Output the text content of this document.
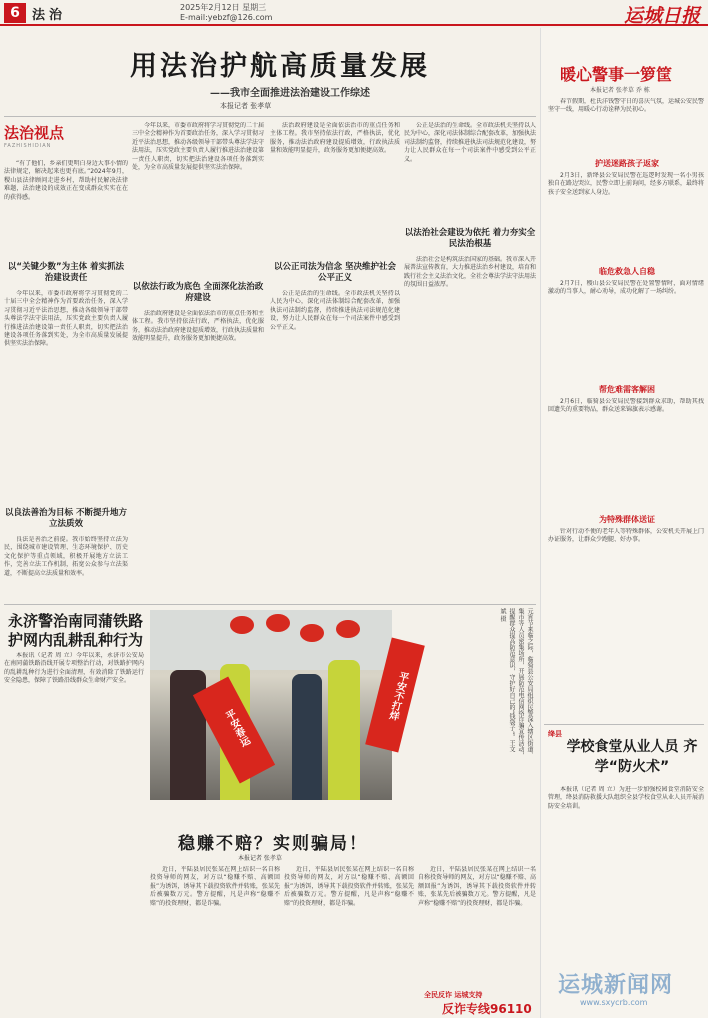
6 法治
2025年2月12日 星期三
E-mail:yebzf@126.com	运城日报
用法治护航高质量发展
——我市全面推进法治建设工作综述
本报记者 张孝草
法治视点
FAZHISHIDIAN

“有了他们，乡亲们更明白身边大事小情的法律规定，解决起来也更有底。”2024年9月，稷山县法律顾问走进乡村，帮助村民解决法律难题，法治建设的成效正在变成群众实实在在的获得感。

以“关键少数”为主体 着实抓法治建设责任

今年以来，市委市政府将学习贯彻党的二十届三中全会精神作为首要政治任务，深入学习贯彻习近平法治思想，推动各级领导干部带头尊法学法守法用法，压实党政主要负责人履行推进法治建设第一责任人职责，切实把法治建设各项任务落到实处，为全市高质量发展提供坚实法治保障。

以良法善治为目标 不断提升地方立法质效

良法是善治之前提。我市始终坚持立法为民，围绕城市建设管理、生态环境保护、历史文化保护等重点领域，积极开展地方立法工作，完善立法工作机制，拓宽公众参与立法渠道，不断提高立法质量和效率。

今年以来，市委市政府将学习贯彻党的二十届三中全会精神作为首要政治任务，深入学习贯彻习近平法治思想，推动各级领导干部带头尊法学法守法用法，压实党政主要负责人履行推进法治建设第一责任人职责，切实把法治建设各项任务落到实处，为全市高质量发展提供坚实法治保障。

以依法行政为底色 全面深化法治政府建设

法治政府建设是全面依法治市的重点任务和主体工程。我市坚持依法行政，严格执法，优化服务，推动法治政府建设提质增效，行政执法质量和效能明显提升，政务服务更加便捷高效。

法治政府建设是全面依法治市的重点任务和主体工程。我市坚持依法行政，严格执法，优化服务，推动法治政府建设提质增效，行政执法质量和效能明显提升，政务服务更加便捷高效。

以公正司法为信念 坚决维护社会公平正义

公正是法治的生命线。全市政法机关坚持以人民为中心，深化司法体制综合配套改革，加强执法司法制约监督，持续推进执法司法规范化建设，努力让人民群众在每一个司法案件中感受到公平正义。

公正是法治的生命线。全市政法机关坚持以人民为中心，深化司法体制综合配套改革，加强执法司法制约监督，持续推进执法司法规范化建设，努力让人民群众在每一个司法案件中感受到公平正义。

以法治社会建设为依托 着力夯实全民法治根基

法治社会是构筑法治国家的基础。我市深入开展普法宣传教育，大力推进法治乡村建设，培育和践行社会主义法治文化，全社会尊法学法守法用法的氛围日益浓厚。

永济警治南同蒲铁路 护网内乱耕乱种行为

本报讯（记者 周 立）今年以来，永济市公安局在南同蒲铁路沿线开展专项整治行动，对铁路护网内的乱耕乱种行为进行全面清理，有效消除了铁路运行安全隐患，保障了铁路沿线群众生命财产安全。

平安春运
平安不打烊	元宵节来临之际，临猗县公安局组织民警深入辖区街道、集市等人员密集场所，开展防范电信网络诈骗宣传活动，提醒群众提高防范意识，守护好自己的“钱袋子”。王文斌 摄
稳赚不赔？实则骗局！
本报记者 张孝草

近日，平陆县居民张某在网上结识一名自称投资导师的网友，对方以“稳赚不赔、高额回报”为诱饵，诱导其下载投资软件并转账，张某先后被骗数万元。警方提醒，凡是声称“稳赚不赔”的投资理财，都是诈骗。

近日，平陆县居民张某在网上结识一名自称投资导师的网友，对方以“稳赚不赔、高额回报”为诱饵，诱导其下载投资软件并转账，张某先后被骗数万元。警方提醒，凡是声称“稳赚不赔”的投资理财，都是诈骗。

近日，平陆县居民张某在网上结识一名自称投资导师的网友，对方以“稳赚不赔、高额回报”为诱饵，诱导其下载投资软件并转账，张某先后被骗数万元。警方提醒，凡是声称“稳赚不赔”的投资理财，都是诈骗。

全民反诈 运城支持
反诈专线96110
暖心警事一箩筐
本报记者 张孝草 乔 栋

春节假期，杜氏洋钱警守日的喜庆气氛，运城公安民警坚守一线，用暖心行动诠释为民初心。

护送迷路孩子返家

2月3日，新绛县公安局民警在巡逻时发现一名小男孩独自在路边哭泣，民警立即上前询问，经多方联系，最终将孩子安全送到家人身边。

临危救急人自稳

2月7日，稷山县公安局民警在处置警情时，面对情绪激动的当事人，耐心劝导，成功化解了一场纠纷。

帮危难需客解困

2月6日，临猗县公安局民警接到群众求助，帮助其找回遗失的重要物品，群众送来锦旗表示感谢。

为特殊群体送证

针对行动不便的老年人等特殊群体，公安机关开展上门办证服务，让群众少跑腿、好办事。

绛县
学校食堂从业人员 齐学“防火术”

本报讯（记者 周 立）为进一步加强校园食堂消防安全管理，绛县消防救援大队组织全县学校食堂从业人员开展消防安全培训。

运城新闻网
www.sxycrb.com
